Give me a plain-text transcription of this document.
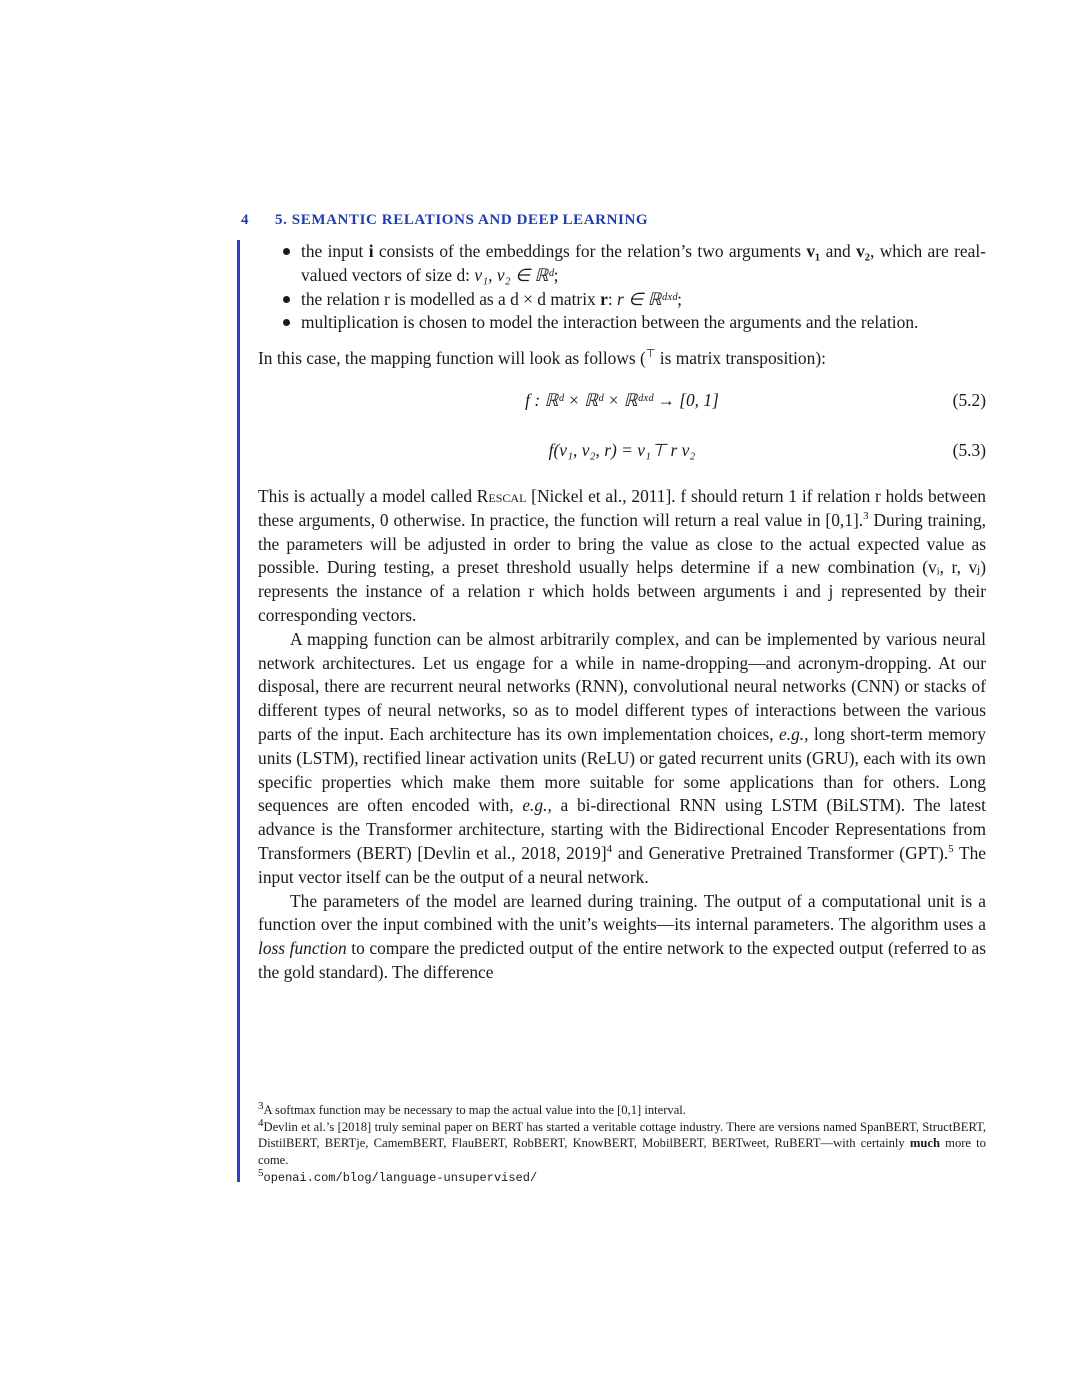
4 5. SEMANTIC RELATIONS AND DEEP LEARNING
the input i consists of the embeddings for the relation’s two arguments v₁ and v₂, which are real-valued vectors of size d: v₁, v₂ ∈ ℝᵈ;
the relation r is modelled as a d × d matrix r: r ∈ ℝᵈˣᵈ;
multiplication is chosen to model the interaction between the arguments and the relation.

In this case, the mapping function will look as follows (⊤ is matrix transposition):

f : ℝᵈ × ℝᵈ × ℝᵈˣᵈ → [0, 1]	(5.2)
f(v₁, v₂, r) = v₁⊤ r v₂	(5.3)

This is actually a model called Rescal [Nickel et al., 2011]. f should return 1 if relation r holds between these arguments, 0 otherwise. In practice, the function will return a real value in [0,1].$^3$ During training, the parameters will be adjusted in order to bring the value as close to the actual expected value as possible. During testing, a preset threshold usually helps determine if a new combination (vᵢ, r, vⱼ) represents the instance of a relation r which holds between arguments i and j represented by their corresponding vectors.

A mapping function can be almost arbitrarily complex, and can be implemented by various neural network architectures. Let us engage for a while in name-dropping—and acronym-dropping. At our disposal, there are recurrent neural networks (RNN), convolutional neural networks (CNN) or stacks of different types of neural networks, so as to model different types of interactions between the various parts of the input. Each architecture has its own implementation choices, e.g., long short-term memory units (LSTM), rectified linear activation units (ReLU) or gated recurrent units (GRU), each with its own specific properties which make them more suitable for some applications than for others. Long sequences are often encoded with, e.g., a bi-directional RNN using LSTM (BiLSTM). The latest advance is the Transformer architecture, starting with the Bidirectional Encoder Representations from Transformers (BERT) [Devlin et al., 2018, 2019]$^4$ and Generative Pretrained Transformer (GPT).$^5$ The input vector itself can be the output of a neural network.

The parameters of the model are learned during training. The output of a computational unit is a function over the input combined with the unit’s weights—its internal parameters. The algorithm uses a loss function to compare the predicted output of the entire network to the expected output (referred to as the gold standard). The difference

$^3$A softmax function may be necessary to map the actual value into the [0,1] interval.

$^4$Devlin et al.’s [2018] truly seminal paper on BERT has started a veritable cottage industry. There are versions named SpanBERT, StructBERT, DistilBERT, BERTje, CamemBERT, FlauBERT, RobBERT, KnowBERT, MobilBERT, BERTweet, RuBERT—with certainly much more to come.

$^5$openai.com/blog/language-unsupervised/
